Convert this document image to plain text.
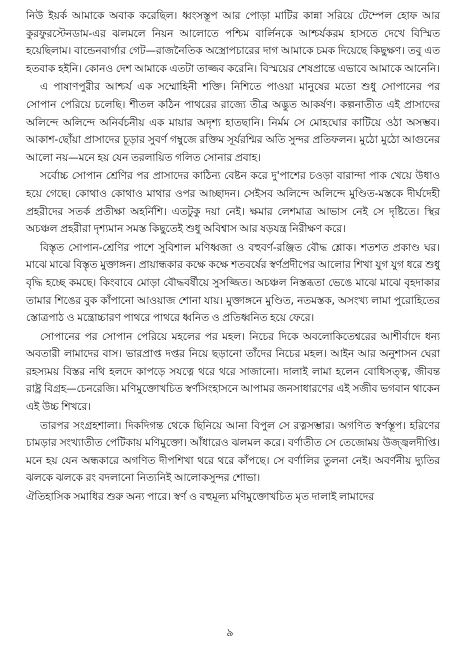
নিউ ইয়র্ক আমাকে অবাক করেছিল। ধ্বংসস্তূপ আর পোড়া মাটির কান্না সরিয়ে টেম্পেল হোফ আর কুরফুরস্টেনডাম-এর ঝলমলে নিয়ন আলোতে পশ্চিম বার্লিনকে আশ্চর্যকরম হাসতে দেখে বিস্মিত হয়েছিলাম। বান্ডেনবার্গার গেট—রাজনৈতিক অস্ত্রোপচারের দাগ আমাকে চমক দিয়েছে কিছুক্ষণ। তবু এত হতবাক হইনি। কোনও দেশ আমাকে এতটা তাজ্জব করেনি। বিস্ময়ের শেষপ্রান্তে এভাবে আমাকে আনেনি।

এ পাষাণপুরীর আশ্চর্য এক সম্মোহিনী শক্তি। নিশিতে পাওয়া মানুষের মতো শুধু সোপানের পর সোপান পেরিয়ে চলেছি। শীতল কঠিন পাথরের রাজ্যে তীব্র অদ্ভুত আকর্ষণ। কল্পনাতীত এই প্রাসাদের অলিন্দে অলিন্দে অনির্বচনীয় এক মায়ার অদৃশ্য হাতছানি। নির্মম সে মোহঘোর কাটিয়ে ওঠা অসম্ভব। আকাশ-ছোঁয়া প্রাসাদের চূড়ার সুবর্ণ গম্বুজে রক্তিম সূর্যরশ্মির অতি সুন্দর প্রতিফলন। মুঠো মুঠো আগুনের আলো নয়—মনে হয় যেন তরলায়িত গলিত সোনার প্রবাহ।

সর্বোচ্চ সোপান শ্রেণির পর প্রাসাদের কাঠিন্য বেষ্টন করে দু'পাশের চওড়া বারান্দা পাক খেয়ে উধাও হয়ে গেছে। কোথাও কোথাও মাথার ওপর আচ্ছাদন। সেইসব অলিন্দে অলিন্দে মুণ্ডিত-মস্তকে দীর্ঘদেহী প্রহরীদের সতর্ক প্রতীক্ষা অহর্নিশি। এতটুকু দয়া নেই। ক্ষমার লেশমাত্র আভাস নেই সে দৃষ্টিতে। স্থির অচঞ্চল প্রহরীরা দৃশ্যমান সমস্ত কিছুতেই শুধু অবিশ্বাস আর ষড়যন্ত্র নিরীক্ষণ করে।

বিস্তৃত সোপান-শ্রেণির পাশে সুবিশাল মণিধ্বজা ও বহুবর্ণ-রঞ্জিত বৌদ্ধ শ্লোক। শতশত প্রকাণ্ড ঘর। মাঝে মাঝে বিস্তৃত মুক্তাঙ্গন। প্রায়ান্ধকার কক্ষে কক্ষে শতবর্ষের স্বর্ণপ্রদীপের আলোর শিখা যুগ যুগ ধরে শুধু বৃদ্ধি হচ্ছে কমছে। কিংবাবে মোড়া বৌদ্ধবর্ষীয়ে সুসজ্জিত। অচঞ্চল নিস্তব্ধতা ভেঙে মাঝে মাঝে বৃহদাকার তামার শিঙের বুক কাঁপানো আওয়াজ শোনা যায়। মুক্তাঙ্গনে মুণ্ডিত, নতমস্তক, অসংখ্য লামা পুরোহিতের স্তোত্রপাঠ ও মন্ত্রোচ্চারণ পাথরে পাথরে ধ্বনিত ও প্রতিধ্বনিত হয়ে ফেরে।

সোপানের পর সোপান পেরিয়ে মহলের পর মহল। নিচের দিকে অবলোকিতেশ্বরের আশীর্বাদে ধন্য অবতারী লামাদের বাস। ভারপ্রাপ্ত দপ্তর নিয়ে ছড়ানো তাঁদের নিচের মহল। আইন আর অনুশাসন ঘেরা রহস্যময় বিস্তর নথি হলদে কাপড়ে সযত্নে থরে থরে সাজানো। দালাই লামা হলেন বোধিসত্ত্ব, জীবন্ত রাষ্ট্র বিগ্রহ—চেনরেজি। মণিমুক্তোখচিত স্বর্ণসিংহাসনে আপামর জনসাধারণের এই সজীব ভগবান থাকেন এই উচ্চ শিখরে।

তারপর সংগ্রহশালা। দিকদিগন্ত থেকে ছিনিয়ে আনা বিপুল সে রত্নসম্ভার। অগণিত স্বর্ণস্তূপ। হরিণের চামড়ার সংখ্যাতীত পেটিকায় মণিমুক্তো। আঁধারেও ঝলমল করে। বর্ণাতীত সে তেজোময় উজ্জ্বলদীপ্তি। মনে হয় যেন অন্ধকারে অগণিত দীপশিখা থরে থরে কাঁপছে। সে বর্ণালির তুলনা নেই। অবর্ণনীয় দ্যুতির ঝলকে ঝলকে রং বদলানো নিত্যনিই আলোকসুন্দর শোভা।

ঐতিহাসিক সমাধির শুরু অন্য পারে। স্বর্ণ ও বহুমূল্য মণিমুক্তোখচিত মৃত দালাই লামাদের

৯
